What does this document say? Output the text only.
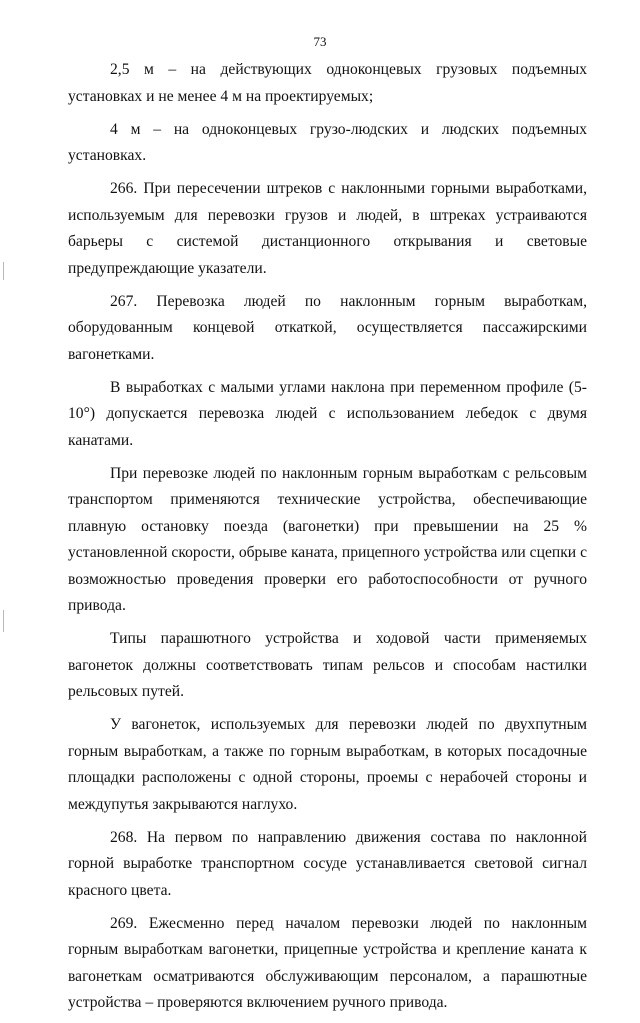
73

2,5 м – на действующих одноконцевых грузовых подъемных установках и не менее 4 м на проектируемых;

4 м – на одноконцевых грузо-людских и людских подъемных установках.

266. При пересечении штреков с наклонными горными выработками, используемым для перевозки грузов и людей, в штреках устраиваются барьеры с системой дистанционного открывания и световые предупреждающие указатели.

267. Перевозка людей по наклонным горным выработкам, оборудованным концевой откаткой, осуществляется пассажирскими вагонетками.

В выработках с малыми углами наклона при переменном профиле (5-10°) допускается перевозка людей с использованием лебедок с двумя канатами.

При перевозке людей по наклонным горным выработкам с рельсовым транспортом применяются технические устройства, обеспечивающие плавную остановку поезда (вагонетки) при превышении на 25 % установленной скорости, обрыве каната, прицепного устройства или сцепки с возможностью проведения проверки его работоспособности от ручного привода.

Типы парашютного устройства и ходовой части применяемых вагонеток должны соответствовать типам рельсов и способам настилки рельсовых путей.

У вагонеток, используемых для перевозки людей по двухпутным горным выработкам, а также по горным выработкам, в которых посадочные площадки расположены с одной стороны, проемы с нерабочей стороны и междупутья закрываются наглухо.

268. На первом по направлению движения состава по наклонной горной выработке транспортном сосуде устанавливается световой сигнал красного цвета.

269. Ежесменно перед началом перевозки людей по наклонным горным выработкам вагонетки, прицепные устройства и крепление каната к вагонеткам осматриваются обслуживающим персоналом, а парашютные устройства – проверяются включением ручного привода.
